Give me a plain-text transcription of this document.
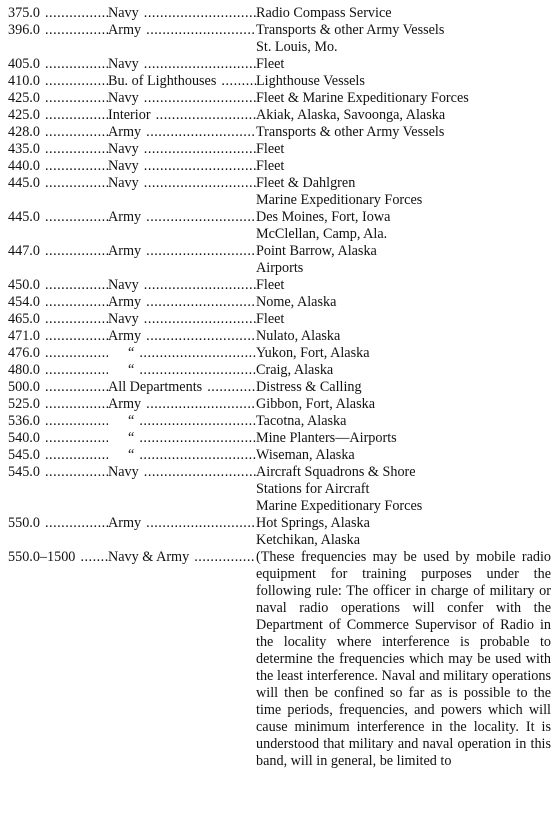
375.0 .....	Navy .....	Radio Compass Service
396.0 .....	Army .....	Transports & other Army Vessels
St. Louis, Mo.
405.0 .....	Navy .....	Fleet
410.0 .....	Bu. of Lighthouses .....	Lighthouse Vessels
425.0 .....	Navy .....	Fleet & Marine Expeditionary Forces
425.0 .....	Interior .....	Akiak, Alaska, Savoonga, Alaska
428.0 .....	Army .....	Transports & other Army Vessels
435.0 .....	Navy .....	Fleet
440.0 .....	Navy .....	Fleet
445.0 .....	Navy .....	Fleet & Dahlgren
Marine Expeditionary Forces
445.0 .....	Army .....	Des Moines, Fort, Iowa
McClellan, Camp, Ala.
447.0 .....	Army .....	Point Barrow, Alaska
Airports
450.0 .....	Navy .....	Fleet
454.0 .....	Army .....	Nome, Alaska
465.0 .....	Navy .....	Fleet
471.0 .....	Army .....	Nulato, Alaska
476.0 .....	“ .....	Yukon, Fort, Alaska
480.0 .....	“ .....	Craig, Alaska
500.0 .....	All Departments .....	Distress & Calling
525.0 .....	Army .....	Gibbon, Fort, Alaska
536.0 .....	“ .....	Tacotna, Alaska
540.0 .....	“ .....	Mine Planters—Airports
545.0 .....	“ .....	Wiseman, Alaska
545.0 .....	Navy .....	Aircraft Squadrons & Shore
Stations for Aircraft
Marine Expeditionary Forces
550.0 .....	Army .....	Hot Springs, Alaska
Ketchikan, Alaska
550.0–1500 .....	Navy & Army .....	(These frequencies may be used by mobile radio equipment for training purposes under the following rule: The officer in charge of military or naval radio operations will confer with the Department of Commerce Supervisor of Radio in the locality where interference is probable to determine the frequencies which may be used with the least interference. Naval and military operations will then be confined so far as is possible to the time periods, frequencies, and powers which will cause minimum interference in the locality. It is understood that military and naval operation in this band, will in general, be limited to
